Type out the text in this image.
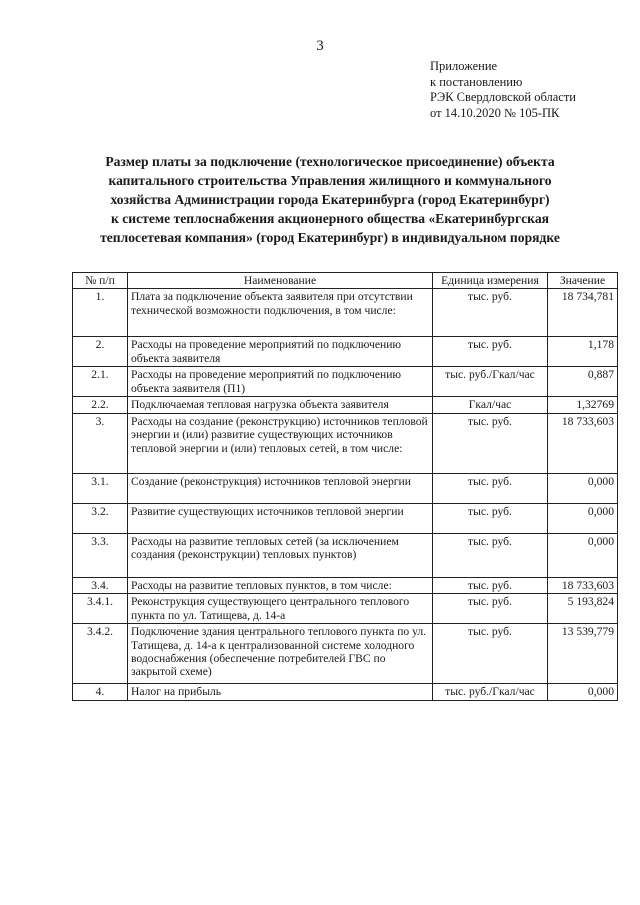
3
Приложение
к постановлению
РЭК Свердловской области
от 14.10.2020 № 105-ПК
Размер платы за подключение (технологическое присоединение) объекта
капитального строительства Управления жилищного и коммунального
хозяйства Администрации города Екатеринбурга (город Екатеринбург)
к системе теплоснабжения акционерного общества «Екатеринбургская
теплосетевая компания» (город Екатеринбург) в индивидуальном порядке
№ п/п	Наименование	Единица измерения	Значение
1.	Плата за подключение объекта заявителя при отсутствии технической возможности подключения, в том числе:	тыс. руб.	18 734,781
2.	Расходы на проведение мероприятий по подключению объекта заявителя	тыс. руб.	1,178
2.1.	Расходы на проведение мероприятий по подключению объекта заявителя (П1)	тыс. руб./Гкал/час	0,887
2.2.	Подключаемая тепловая нагрузка объекта заявителя	Гкал/час	1,32769
3.	Расходы на создание (реконструкцию) источников тепловой энергии и (или) развитие существующих источников тепловой энергии и (или) тепловых сетей, в том числе:	тыс. руб.	18 733,603
3.1.	Создание (реконструкция) источников тепловой энергии	тыс. руб.	0,000
3.2.	Развитие существующих источников тепловой энергии	тыс. руб.	0,000
3.3.	Расходы на развитие тепловых сетей (за исключением создания (реконструкции) тепловых пунктов)	тыс. руб.	0,000
3.4.	Расходы на развитие тепловых пунктов, в том числе:	тыс. руб.	18 733,603
3.4.1.	Реконструкция существующего центрального теплового пункта по ул. Татищева, д. 14-а	тыс. руб.	5 193,824
3.4.2.	Подключение здания центрального теплового пункта по ул. Татищева, д. 14-а к централизованной системе холодного водоснабжения (обеспечение потребителей ГВС по закрытой схеме)	тыс. руб.	13 539,779
4.	Налог на прибыль	тыс. руб./Гкал/час	0,000
